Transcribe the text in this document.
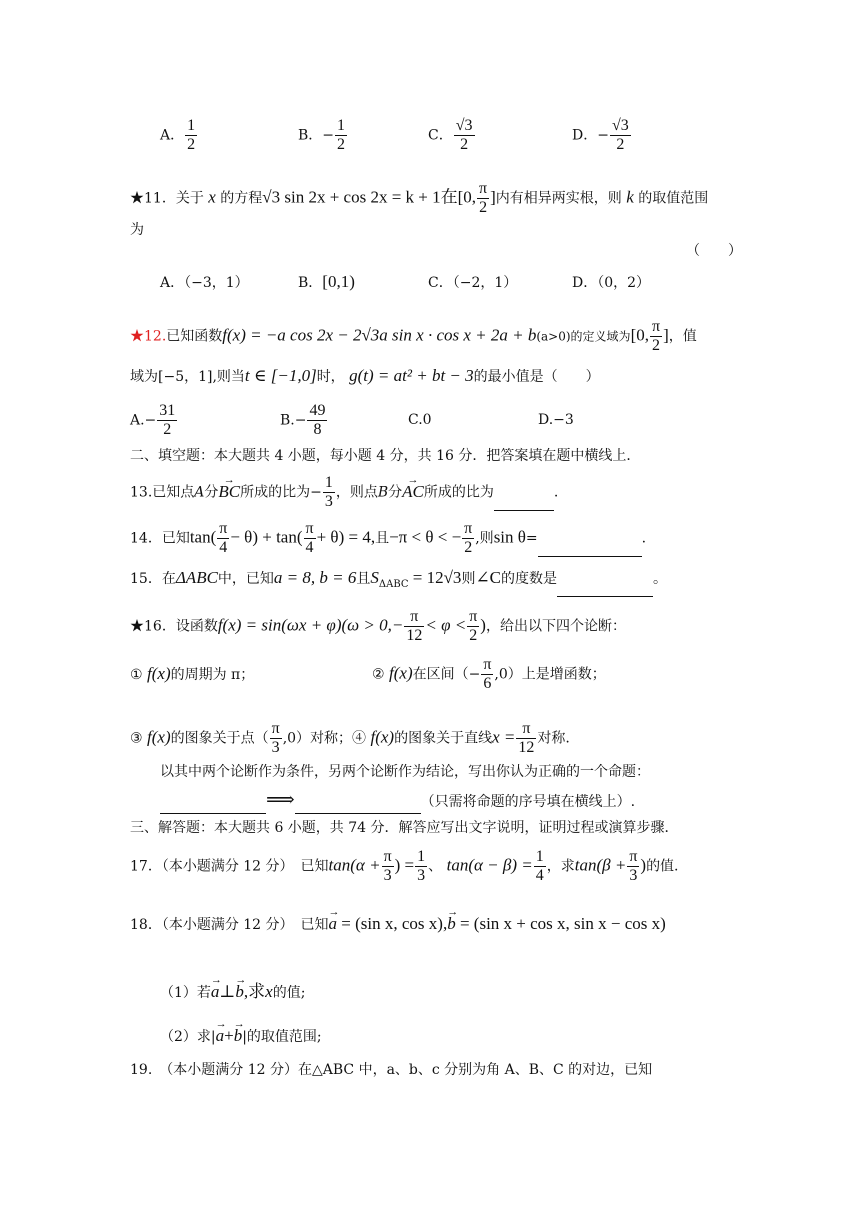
A． $\frac{1}{2}$	B．− $\frac{1}{2}$	C． $\frac{√3}{2}$	D．− $\frac{√3}{2}$
★11．关于 x 的方程√3 sin 2x + cos 2x = k + 1在[0, $\frac{\pi}{2}$ ]内有相异两实根，则 k 的取值范围
为
（　　）
A．（−3，1）	B．[0,1)	C．（−2，1）	D．（0，2）
★12.已知函数f(x) = −a cos 2x − 2√3a sin x · cos x + 2a + b(a>0)的定义域为[0, $\frac{\pi}{2}$ ]，值
域为[−5，1],则当t ∈ [−1,0]时， g(t) = at² + bt − 3的最小值是（　　）
$A.- \frac{31}{2}$	$B.- \frac{49}{8}$	C.0	D.−3
二、填空题：本大题共 4 小题，每小题 4 分，共 16 分．把答案填在题中横线上．
13.已知点A分→ BC所成的比为− $\frac{1}{3}$ ，则点B分→ AC所成的比为	.
14．已知$\tan( \frac{\pi}{4} - \theta) + \tan( \frac{\pi}{4} + \theta) = 4$,且−π < θ < − $\frac{\pi}{2}$ ,则sin θ=	.
15．在ΔABC中，已知a = 8, b = 6且$S_{\Delta ABC} = 12√3$则∠C的度数是	。
★16．设函数$f(x) = \sin(\omega x + \varphi)(\omega > 0,- \frac{\pi}{12} < \varphi < \frac{\pi}{2}$ )，给出以下四个论断：
① f(x)的周期为 π；	② f(x)在区间（− $\frac{\pi}{6} ,0$）上是增函数；
③ f(x)的图象关于点（ $\frac{\pi}{3} ,0$）对称；④ f(x)的图象关于直线$x = \frac{\pi}{12}$ 对称.
以其中两个论断作为条件，另两个论断作为结论，写出你认为正确的一个命题：
⟹	（只需将命题的序号填在横线上）.
三、解答题：本大题共 6 小题，共 74 分．解答应写出文字说明，证明过程或演算步骤．
17．（本小题满分 12 分）　已知$\tan(\alpha + \frac{\pi}{3}$ ) = $\frac{1}{3}$ 、 $\tan(\alpha - \beta) = \frac{1}{4}$ ，求$\tan(\beta + \frac{\pi}{3}$ )的值.
18．（本小题满分 12 分）　已知→ a = (sin x, cos x),→ b = (sin x + cos x, sin x − cos x)
（1）若→ a⊥→ b,求x的值;
（2）求|→ a+→ b|的取值范围;
19.　（本小题满分 12 分）在△ABC 中，a、b、c 分别为角 A、B、C 的对边，已知
